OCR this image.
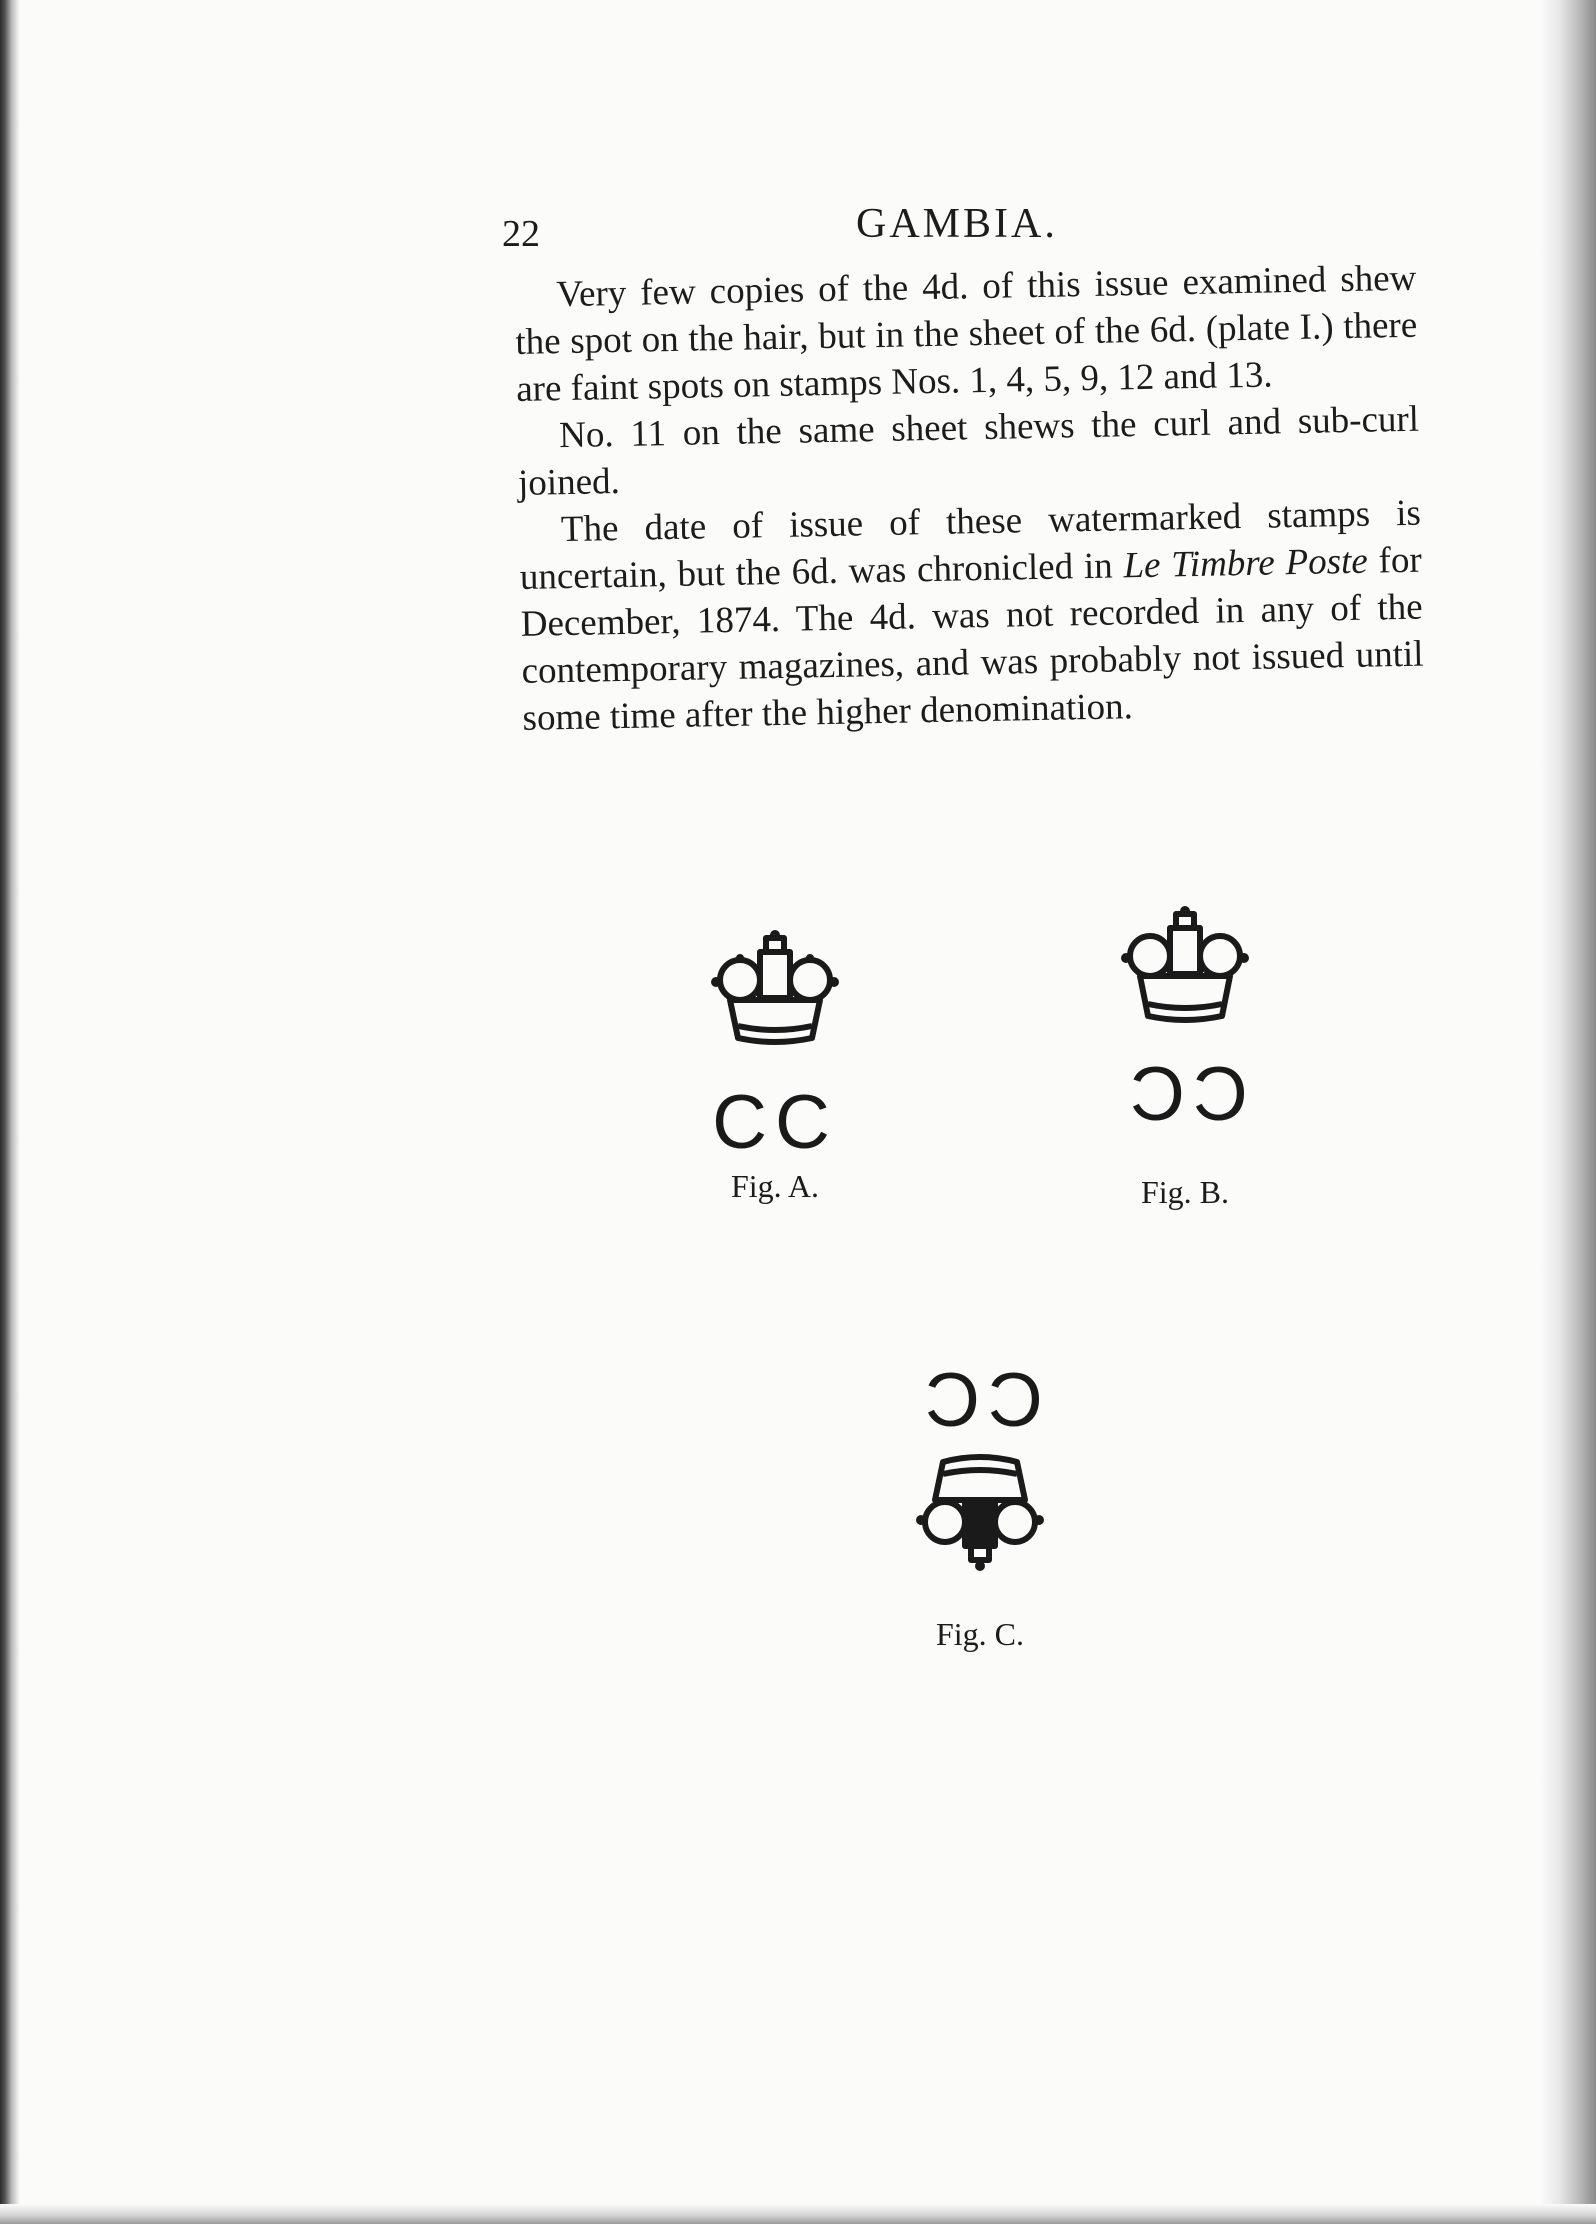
22	GAMBIA.

Very few copies of the 4d. of this issue examined shew the spot on the hair, but in the sheet of the 6d. (plate I.) there are faint spots on stamps Nos. 1, 4, 5, 9, 12 and 13.

No. 11 on the same sheet shews the curl and sub-curl joined.

The date of issue of these watermarked stamps is uncertain, but the 6d. was chronicled in Le Timbre Poste for December, 1874. The 4d. was not recorded in any of the contemporary magazines, and was probably not issued until some time after the higher denomination.

CC
Fig. A.
CC
Fig. B.
CC
Fig. C.
